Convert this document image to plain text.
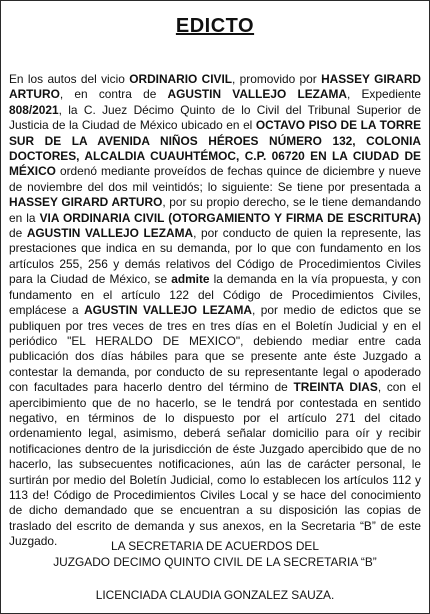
EDICTO
En los autos del vicio ORDINARIO CIVIL, promovido por HASSEY GIRARD ARTURO, en contra de AGUSTIN VALLEJO LEZAMA, Expediente 808/2021, la C. Juez Décimo Quinto de lo Civil del Tribunal Superior de Justicia de la Ciudad de México ubicado en el OCTAVO PISO DE LA TORRE SUR DE LA AVENIDA NIÑOS HÉROES NÚMERO 132, COLONIA DOCTORES, ALCALDIA CUAUHTÉMOC, C.P. 06720 EN LA CIUDAD DE MÉXICO ordenó mediante proveídos de fechas quince de diciembre y nueve de noviembre del dos mil veintidós; lo siguiente: Se tiene por presentada a HASSEY GIRARD ARTURO, por su propio derecho, se le tiene demandando en la VIA ORDINARIA CIVIL (OTORGAMIENTO Y FIRMA DE ESCRITURA) de AGUSTIN VALLEJO LEZAMA, por conducto de quien la represente, las prestaciones que indica en su demanda, por lo que con fundamento en los artículos 255, 256 y demás relativos del Código de Procedimientos Civiles para la Ciudad de México, se admite la demanda en la vía propuesta, y con fundamento en el artículo 122 del Código de Procedimientos Civiles, emplácese a AGUSTIN VALLEJO LEZAMA, por medio de edictos que se publiquen por tres veces de tres en tres días en el Boletín Judicial y en el periódico "EL HERALDO DE MEXICO", debiendo mediar entre cada publicación dos días hábiles para que se presente ante éste Juzgado a contestar la demanda, por conducto de su representante legal o apoderado con facultades para hacerlo dentro del término de TREINTA DIAS, con el apercibimiento que de no hacerlo, se le tendrá por contestada en sentido negativo, en términos de lo dispuesto por el artículo 271 del citado ordenamiento legal, asimismo, deberá señalar domicilio para oír y recibir notificaciones dentro de la jurisdicción de éste Juzgado apercibido que de no hacerlo, las subsecuentes notificaciones, aún las de carácter personal, le surtirán por medio del Boletín Judicial, como lo establecen los artículos 112 y 113 de! Código de Procedimientos Civiles Local y se hace del conocimiento de dicho demandado que se encuentran a su disposición las copias de traslado del escrito de demanda y sus anexos, en la Secretaria “B” de este Juzgado.	LA SECRETARIA DE ACUERDOS DEL
JUZGADO DECIMO QUINTO CIVIL DE LA SECRETARIA “B”
LICENCIADA CLAUDIA GONZALEZ SAUZA.
